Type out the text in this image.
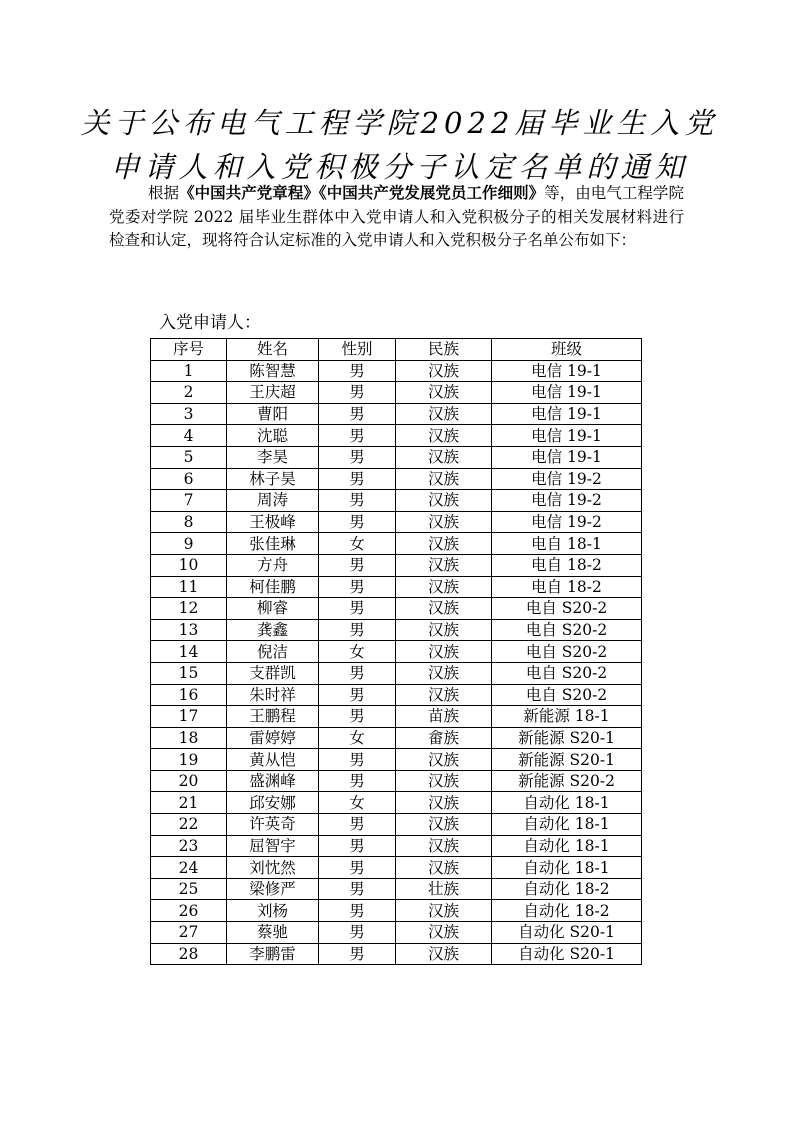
关于公布电气工程学院2022届毕业生入党
申请人和入党积极分子认定名单的通知
根据《中国共产党章程》《中国共产党发展党员工作细则》等，由电气工程学院党委对学院 2022 届毕业生群体中入党申请人和入党积极分子的相关发展材料进行检查和认定，现将符合认定标准的入党申请人和入党积极分子名单公布如下：
入党申请人：
序号	姓名	性别	民族	班级
1	陈智慧	男	汉族	电信 19-1
2	王庆超	男	汉族	电信 19-1
3	曹阳	男	汉族	电信 19-1
4	沈聪	男	汉族	电信 19-1
5	李昊	男	汉族	电信 19-1
6	林子昊	男	汉族	电信 19-2
7	周涛	男	汉族	电信 19-2
8	王极峰	男	汉族	电信 19-2
9	张佳琳	女	汉族	电自 18-1
10	方舟	男	汉族	电自 18-2
11	柯佳鹏	男	汉族	电自 18-2
12	柳睿	男	汉族	电自 S20-2
13	龚鑫	男	汉族	电自 S20-2
14	倪洁	女	汉族	电自 S20-2
15	支群凯	男	汉族	电自 S20-2
16	朱时祥	男	汉族	电自 S20-2
17	王鹏程	男	苗族	新能源 18-1
18	雷婷婷	女	畲族	新能源 S20-1
19	黄从恺	男	汉族	新能源 S20-1
20	盛渊峰	男	汉族	新能源 S20-2
21	邱安娜	女	汉族	自动化 18-1
22	许英奇	男	汉族	自动化 18-1
23	屈智宇	男	汉族	自动化 18-1
24	刘忱然	男	汉族	自动化 18-1
25	梁修严	男	壮族	自动化 18-2
26	刘杨	男	汉族	自动化 18-2
27	蔡驰	男	汉族	自动化 S20-1
28	李鹏雷	男	汉族	自动化 S20-1
